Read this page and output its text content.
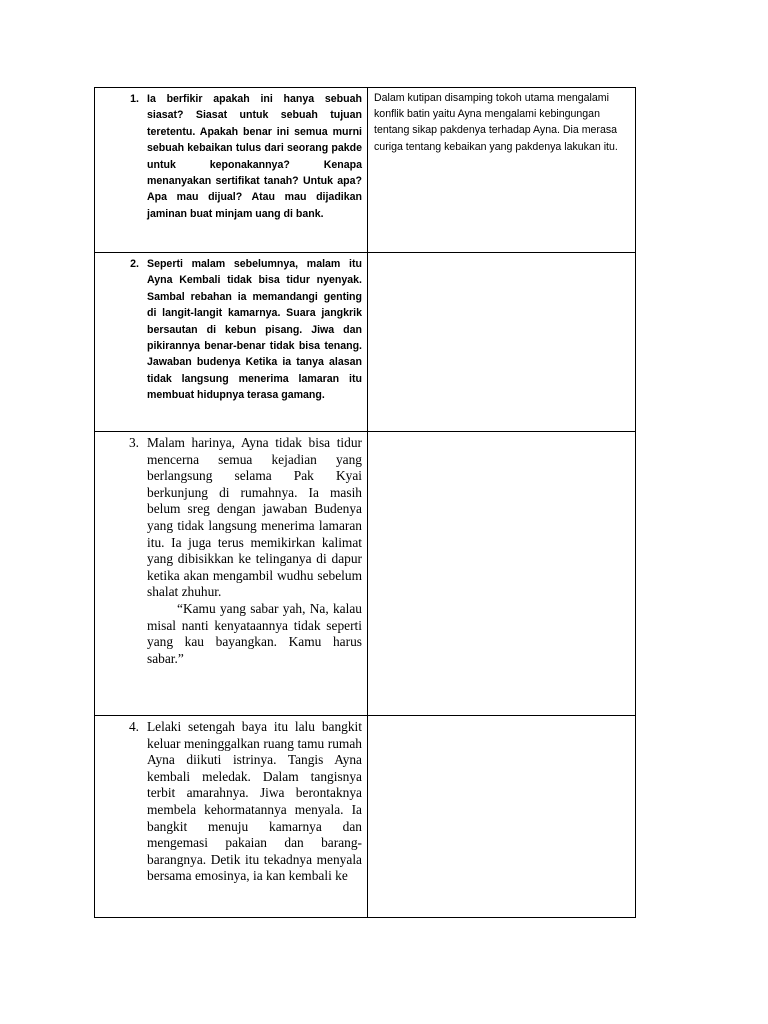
1. Ia berfikir apakah ini hanya sebuah siasat? Siasat untuk sebuah tujuan teretentu. Apakah benar ini semua murni sebuah kebaikan tulus dari seorang pakde untuk keponakannya? Kenapa menanyakan sertifikat tanah? Untuk apa? Apa mau dijual? Atau mau dijadikan jaminan buat minjam uang di bank.	Dalam kutipan disamping tokoh utama mengalami konflik batin yaitu Ayna mengalami kebingungan tentang sikap pakdenya terhadap Ayna. Dia merasa curiga tentang kebaikan yang pakdenya lakukan itu.

2. Seperti malam sebelumnya, malam itu Ayna Kembali tidak bisa tidur nyenyak. Sambal rebahan ia memandangi genting di langit-langit kamarnya. Suara jangkrik bersautan di kebun pisang. Jiwa dan pikirannya benar-benar tidak bisa tenang. Jawaban budenya Ketika ia tanya alasan tidak langsung menerima lamaran itu membuat hidupnya terasa gamang.	

3. Malam harinya, Ayna tidak bisa tidur mencerna semua kejadian yang berlangsung selama Pak Kyai berkunjung di rumahnya. Ia masih belum sreg dengan jawaban Budenya yang tidak langsung menerima lamaran itu. Ia juga terus memikirkan kalimat yang dibisikkan ke telinganya di dapur ketika akan mengambil wudhu sebelum shalat zhuhur.

“Kamu yang sabar yah, Na, kalau misal nanti kenyataannya tidak seperti yang kau bayangkan. Kamu harus sabar.”	

4. Lelaki setengah baya itu lalu bangkit keluar meninggalkan ruang tamu rumah Ayna diikuti istrinya. Tangis Ayna kembali meledak. Dalam tangisnya terbit amarahnya. Jiwa berontaknya membela kehormatannya menyala. Ia bangkit menuju kamarnya dan mengemasi pakaian dan barang-barangnya. Detik itu tekadnya menyala bersama emosinya, ia kan kembali ke	
